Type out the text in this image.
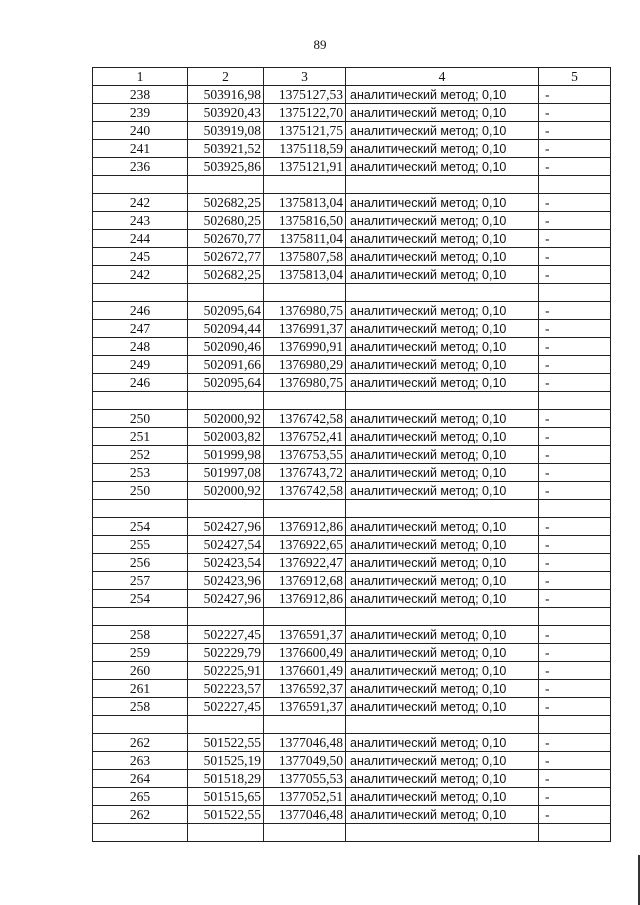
89
1	2	3	4	5
238	503916,98	1375127,53	аналитический метод; 0,10	-
239	503920,43	1375122,70	аналитический метод; 0,10	-
240	503919,08	1375121,75	аналитический метод; 0,10	-
241	503921,52	1375118,59	аналитический метод; 0,10	-
236	503925,86	1375121,91	аналитический метод; 0,10	-

242	502682,25	1375813,04	аналитический метод; 0,10	-
243	502680,25	1375816,50	аналитический метод; 0,10	-
244	502670,77	1375811,04	аналитический метод; 0,10	-
245	502672,77	1375807,58	аналитический метод; 0,10	-
242	502682,25	1375813,04	аналитический метод; 0,10	-

246	502095,64	1376980,75	аналитический метод; 0,10	-
247	502094,44	1376991,37	аналитический метод; 0,10	-
248	502090,46	1376990,91	аналитический метод; 0,10	-
249	502091,66	1376980,29	аналитический метод; 0,10	-
246	502095,64	1376980,75	аналитический метод; 0,10	-

250	502000,92	1376742,58	аналитический метод; 0,10	-
251	502003,82	1376752,41	аналитический метод; 0,10	-
252	501999,98	1376753,55	аналитический метод; 0,10	-
253	501997,08	1376743,72	аналитический метод; 0,10	-
250	502000,92	1376742,58	аналитический метод; 0,10	-

254	502427,96	1376912,86	аналитический метод; 0,10	-
255	502427,54	1376922,65	аналитический метод; 0,10	-
256	502423,54	1376922,47	аналитический метод; 0,10	-
257	502423,96	1376912,68	аналитический метод; 0,10	-
254	502427,96	1376912,86	аналитический метод; 0,10	-

258	502227,45	1376591,37	аналитический метод; 0,10	-
259	502229,79	1376600,49	аналитический метод; 0,10	-
260	502225,91	1376601,49	аналитический метод; 0,10	-
261	502223,57	1376592,37	аналитический метод; 0,10	-
258	502227,45	1376591,37	аналитический метод; 0,10	-

262	501522,55	1377046,48	аналитический метод; 0,10	-
263	501525,19	1377049,50	аналитический метод; 0,10	-
264	501518,29	1377055,53	аналитический метод; 0,10	-
265	501515,65	1377052,51	аналитический метод; 0,10	-
262	501522,55	1377046,48	аналитический метод; 0,10	-
